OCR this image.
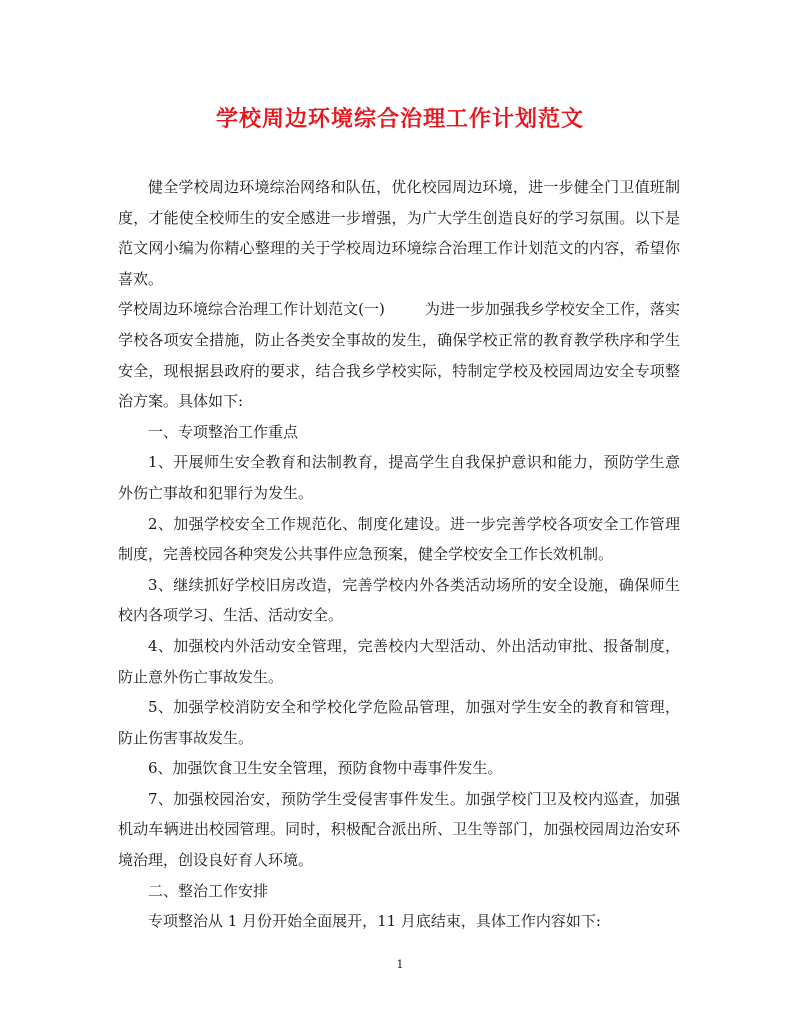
学校周边环境综合治理工作计划范文

健全学校周边环境综治网络和队伍，优化校园周边环境，进一步健全门卫值班制度，才能使全校师生的安全感进一步增强，为广大学生创造良好的学习氛围。以下是范文网小编为你精心整理的关于学校周边环境综合治理工作计划范文的内容，希望你喜欢。

学校周边环境综合治理工作计划范文(一)	为进一步加强我乡学校安全工作，落实学校各项安全措施，防止各类安全事故的发生，确保学校正常的教育教学秩序和学生安全，现根据县政府的要求，结合我乡学校实际，特制定学校及校园周边安全专项整治方案。具体如下:

一、专项整治工作重点

1、开展师生安全教育和法制教育，提高学生自我保护意识和能力，预防学生意外伤亡事故和犯罪行为发生。

2、加强学校安全工作规范化、制度化建设。进一步完善学校各项安全工作管理制度，完善校园各种突发公共事件应急预案，健全学校安全工作长效机制。

3、继续抓好学校旧房改造，完善学校内外各类活动场所的安全设施，确保师生校内各项学习、生活、活动安全。

4、加强校内外活动安全管理，完善校内大型活动、外出活动审批、报备制度，防止意外伤亡事故发生。

5、加强学校消防安全和学校化学危险品管理，加强对学生安全的教育和管理，防止伤害事故发生。

6、加强饮食卫生安全管理，预防食物中毒事件发生。

7、加强校园治安，预防学生受侵害事件发生。加强学校门卫及校内巡查，加强机动车辆进出校园管理。同时，积极配合派出所、卫生等部门，加强校园周边治安环境治理，创设良好育人环境。

二、整治工作安排

专项整治从 1 月份开始全面展开，11 月底结束，具体工作内容如下:

1
